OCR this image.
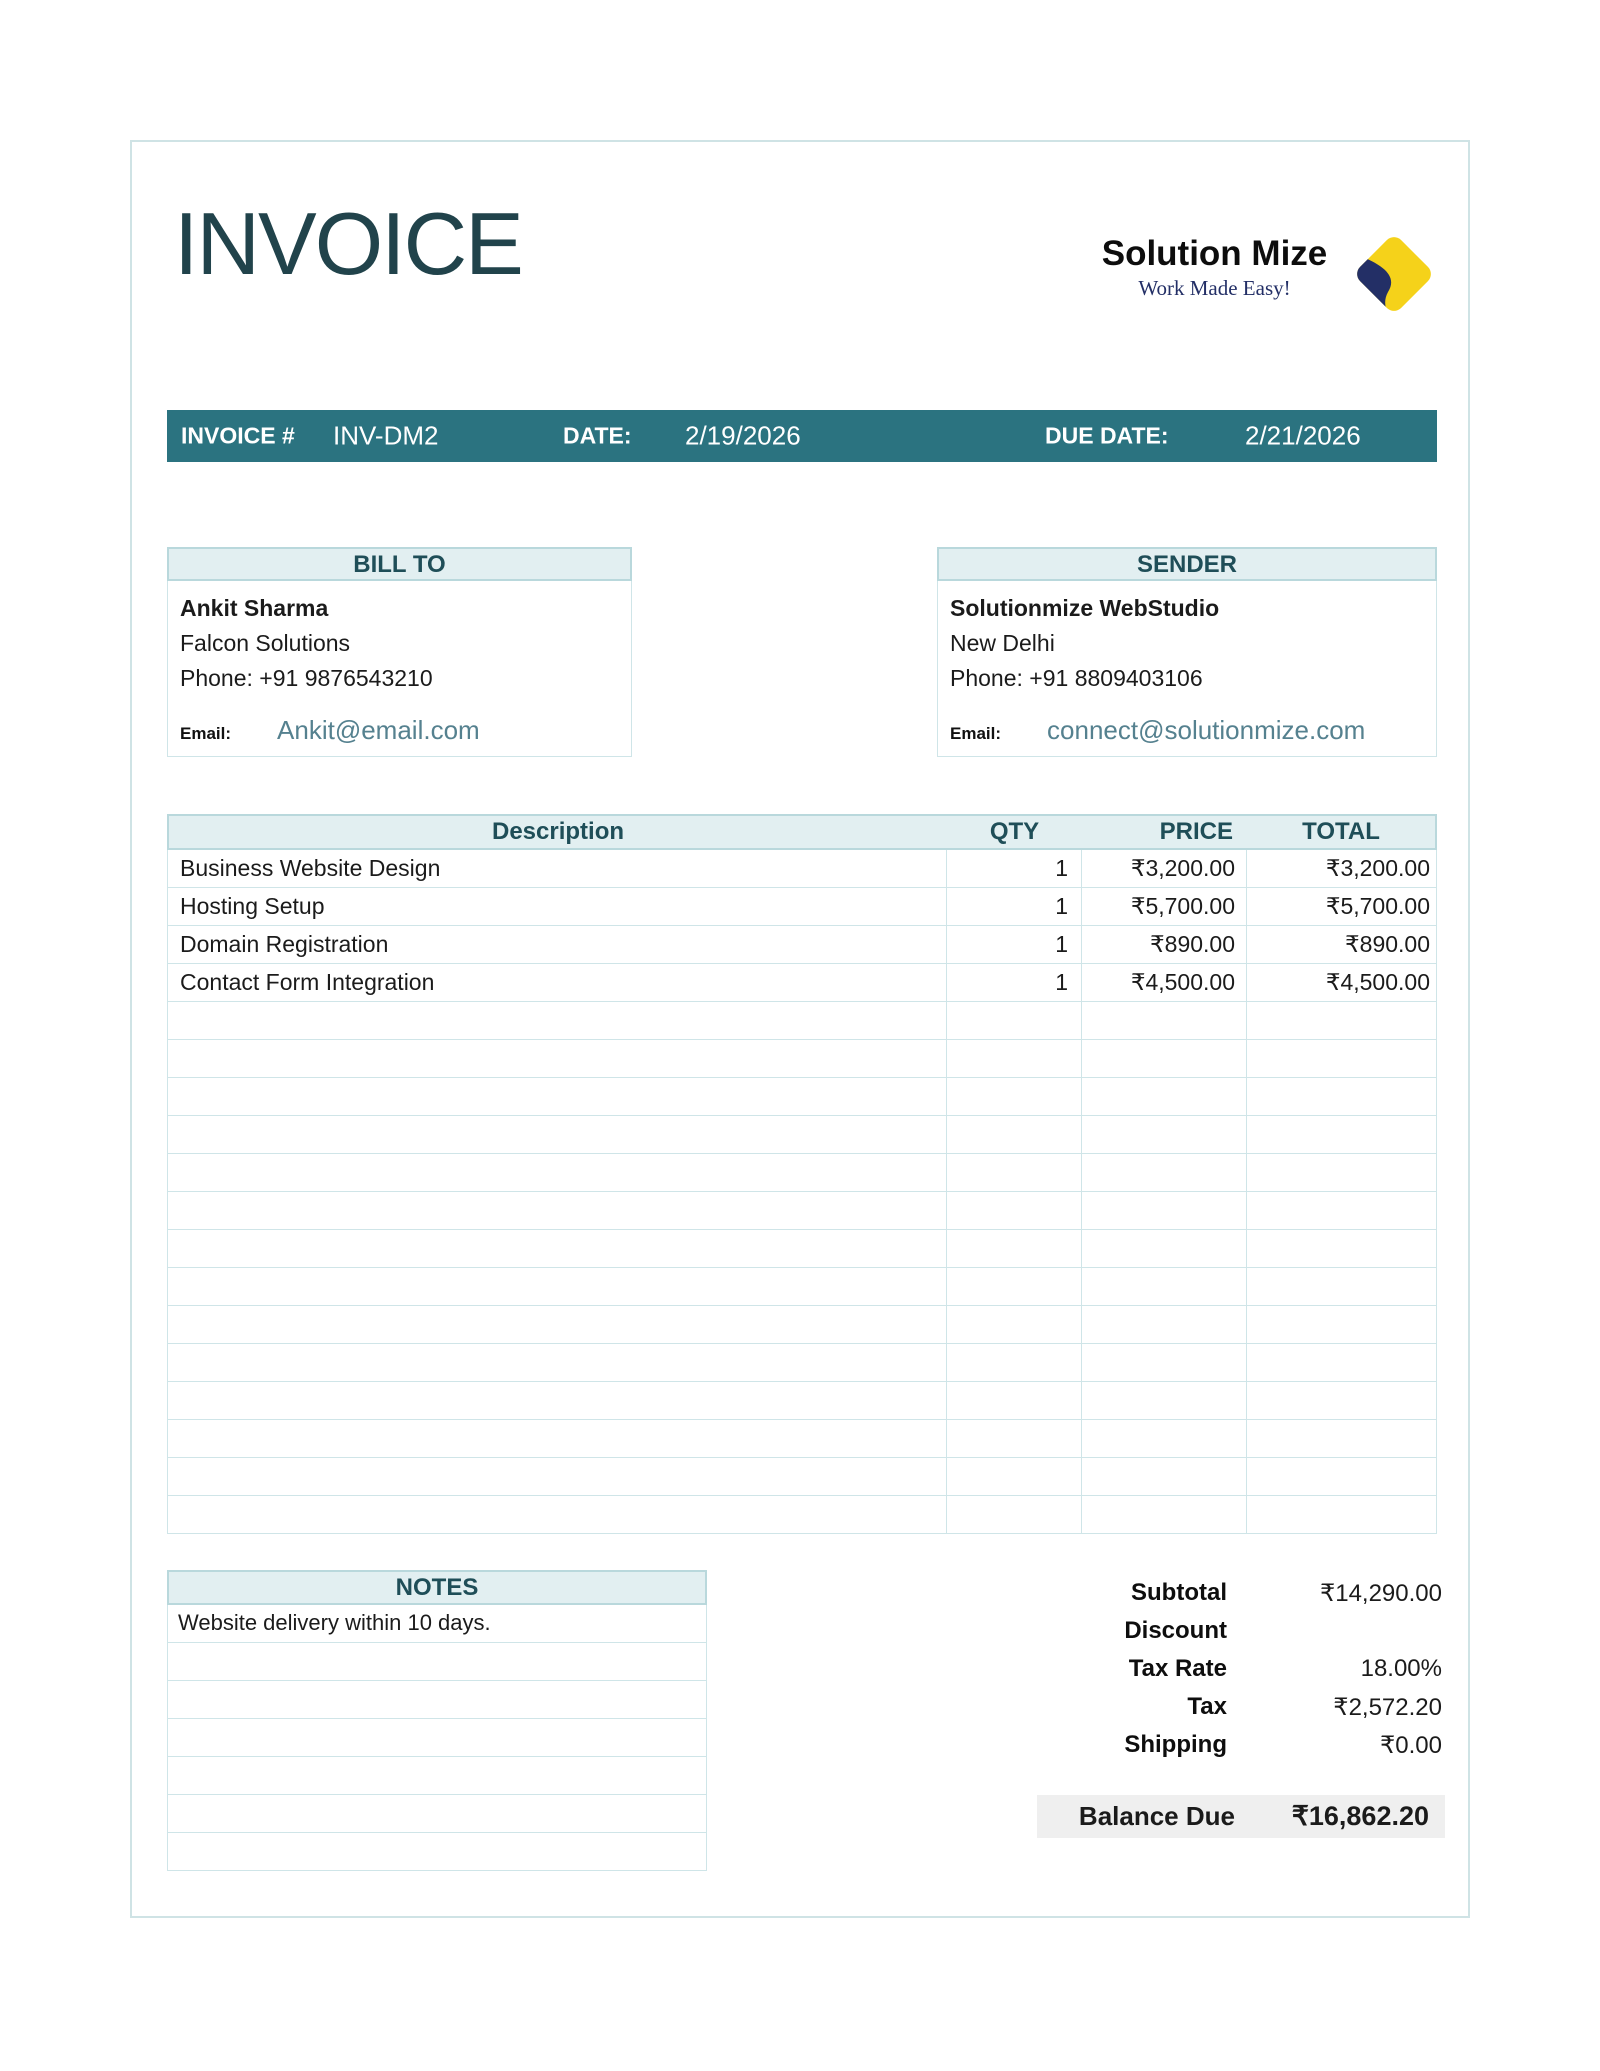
INVOICE	Solution Mize
Work Made Easy!
INVOICE # INV-DM2	DATE: 2/19/2026	DUE DATE:	2/21/2026
BILL TO
Ankit Sharma
Falcon Solutions
Phone: +91 9876543210
Email: Ankit@email.com
SENDER
Solutionmize WebStudio
New Delhi
Phone: +91 8809403106
Email: connect@solutionmize.com
Description	QTY	PRICE	TOTAL
Business Website Design	1	₹3,200.00	₹3,200.00
Hosting Setup	1	₹5,700.00	₹5,700.00
Domain Registration	1	₹890.00	₹890.00
Contact Form Integration	1	₹4,500.00	₹4,500.00
NOTES
Website delivery within 10 days.
Subtotal	₹14,290.00
Discount
Tax Rate	18.00%
Tax	₹2,572.20
Shipping	₹0.00
Balance Due	₹16,862.20
